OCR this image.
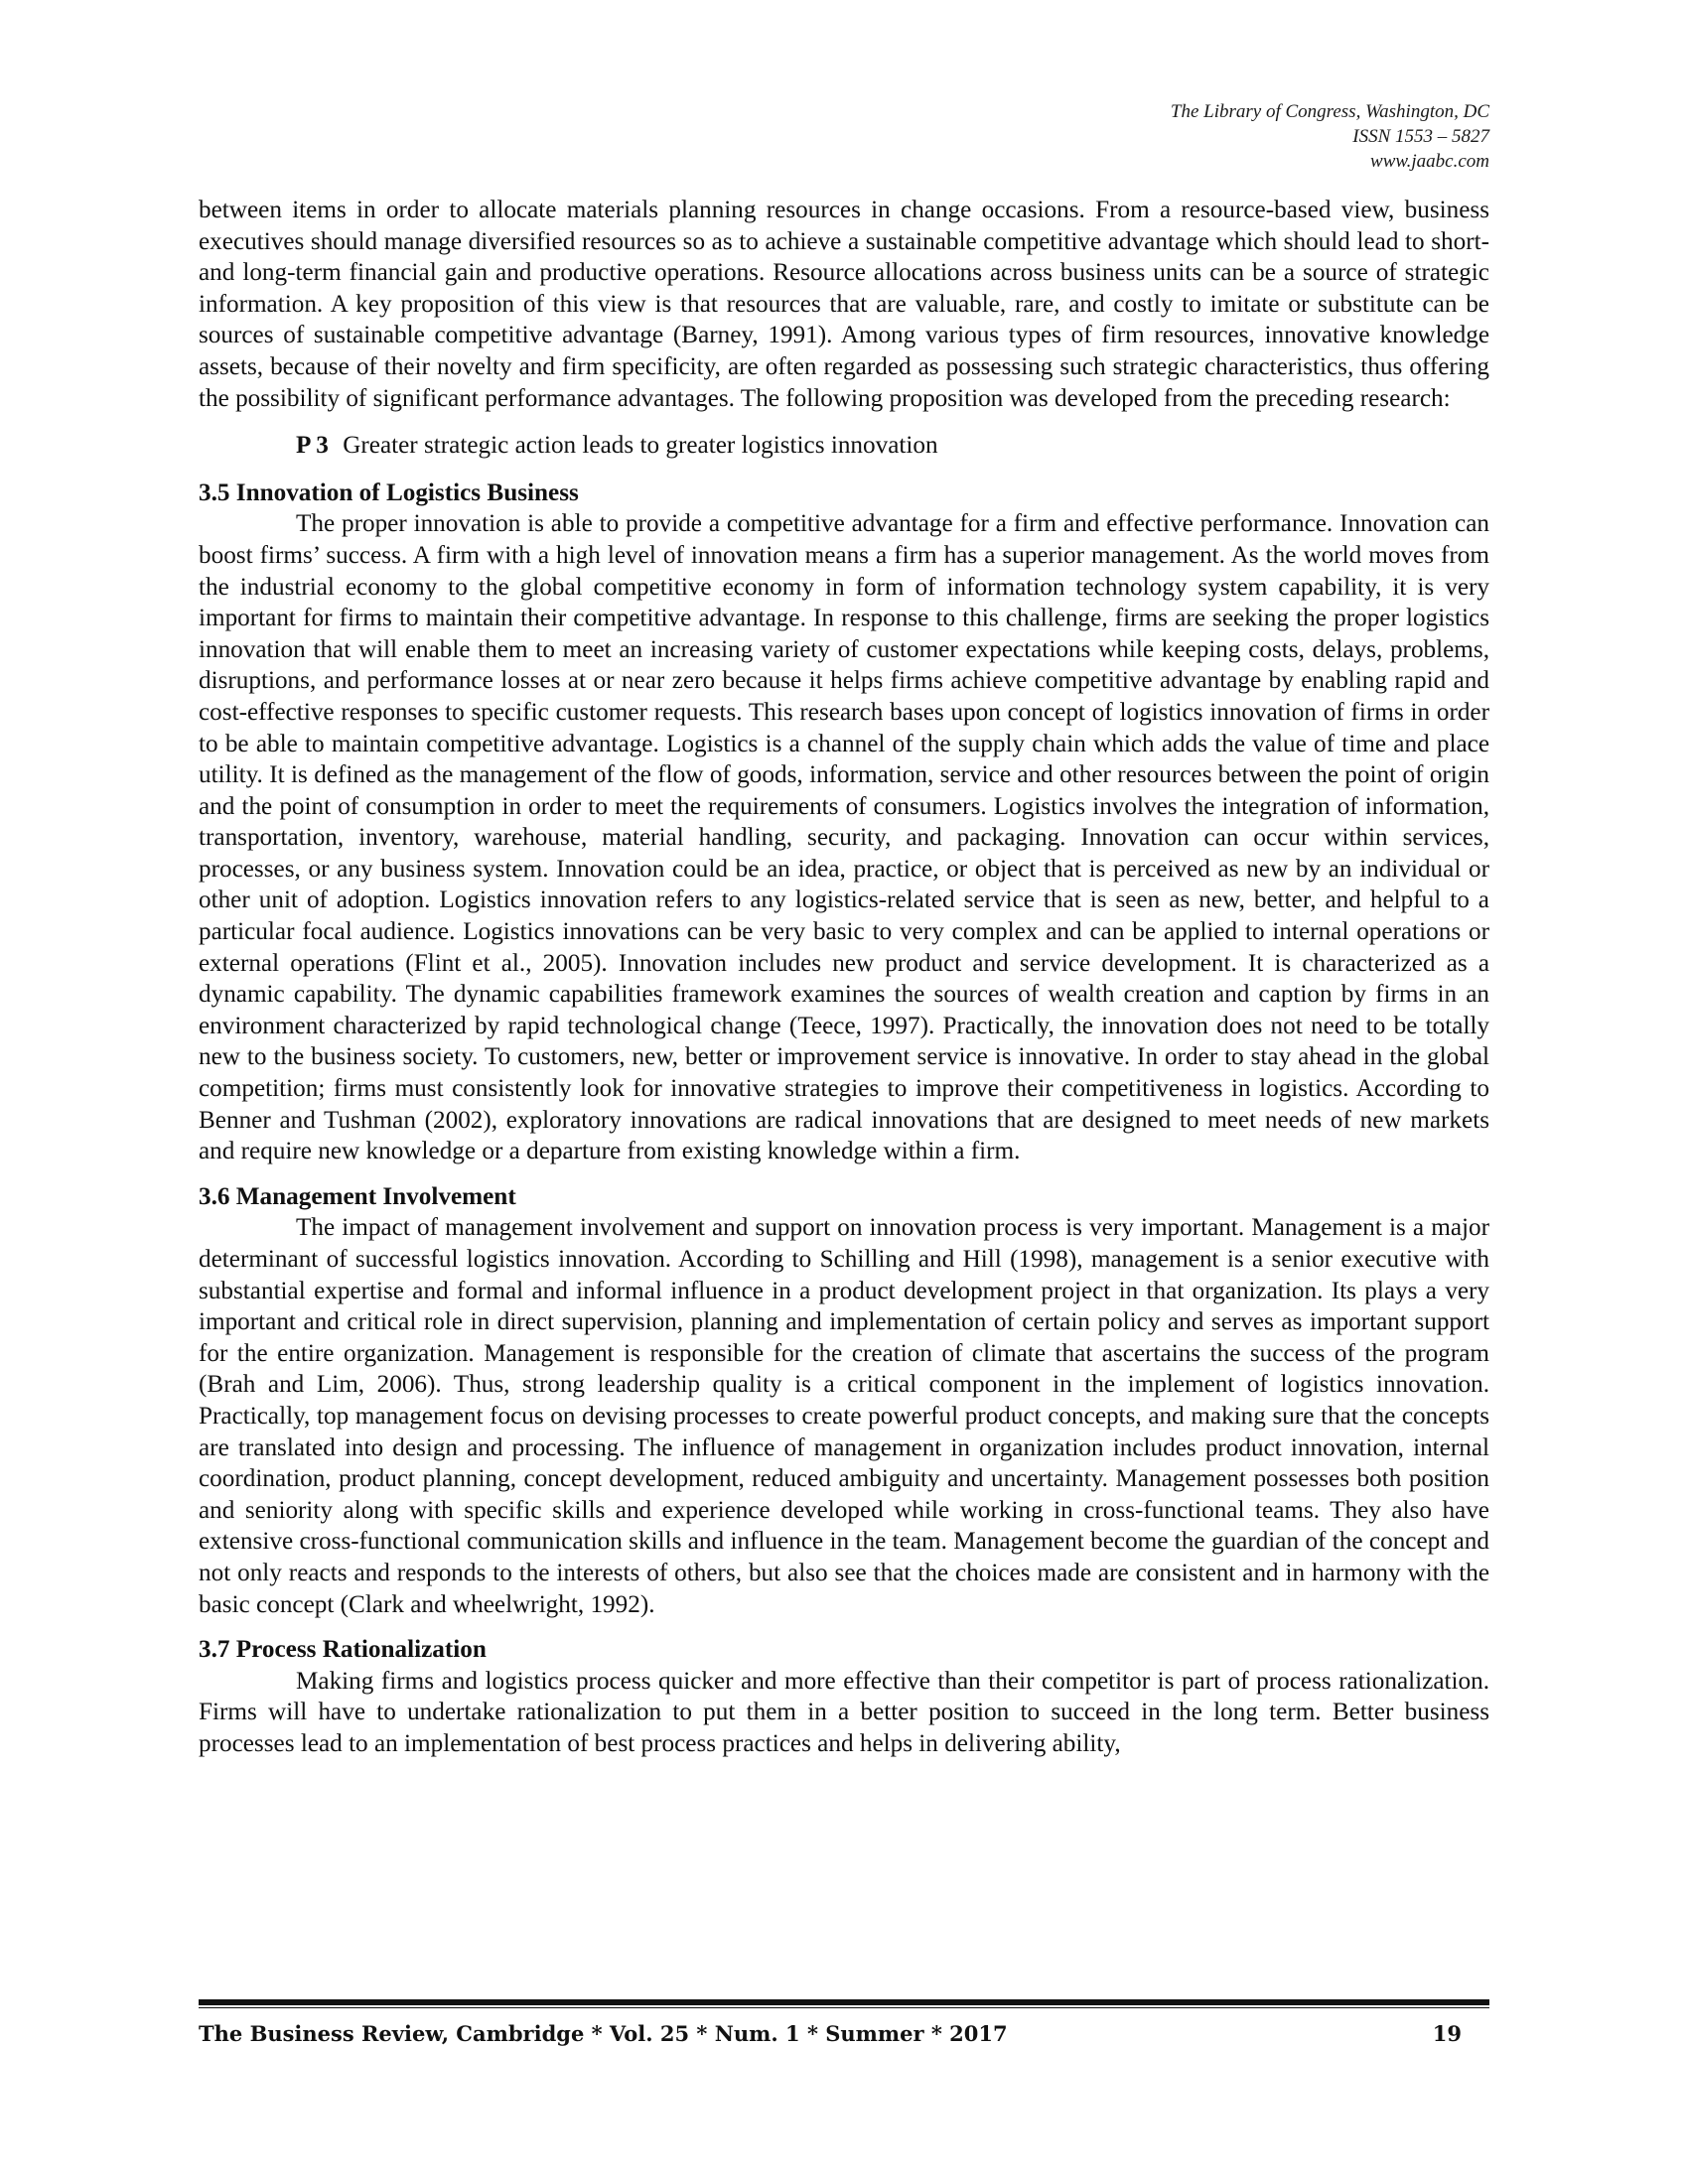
The Library of Congress, Washington, DC
ISSN 1553 – 5827
www.jaabc.com

between items in order to allocate materials planning resources in change occasions. From a resource-based view, business executives should manage diversified resources so as to achieve a sustainable competitive advantage which should lead to short- and long-term financial gain and productive operations. Resource allocations across business units can be a source of strategic information. A key proposition of this view is that resources that are valuable, rare, and costly to imitate or substitute can be sources of sustainable competitive advantage (Barney, 1991). Among various types of firm resources, innovative knowledge assets, because of their novelty and firm specificity, are often regarded as possessing such strategic characteristics, thus offering the possibility of significant performance advantages. The following proposition was developed from the preceding research:

P 3 Greater strategic action leads to greater logistics innovation

3.5 Innovation of Logistics Business

The proper innovation is able to provide a competitive advantage for a firm and effective performance. Innovation can boost firms’ success. A firm with a high level of innovation means a firm has a superior management. As the world moves from the industrial economy to the global competitive economy in form of information technology system capability, it is very important for firms to maintain their competitive advantage. In response to this challenge, firms are seeking the proper logistics innovation that will enable them to meet an increasing variety of customer expectations while keeping costs, delays, problems, disruptions, and performance losses at or near zero because it helps firms achieve competitive advantage by enabling rapid and cost-effective responses to specific customer requests. This research bases upon concept of logistics innovation of firms in order to be able to maintain competitive advantage. Logistics is a channel of the supply chain which adds the value of time and place utility. It is defined as the management of the flow of goods, information, service and other resources between the point of origin and the point of consumption in order to meet the requirements of consumers. Logistics involves the integration of information, transportation, inventory, warehouse, material handling, security, and packaging. Innovation can occur within services, processes, or any business system. Innovation could be an idea, practice, or object that is perceived as new by an individual or other unit of adoption. Logistics innovation refers to any logistics-related service that is seen as new, better, and helpful to a particular focal audience. Logistics innovations can be very basic to very complex and can be applied to internal operations or external operations (Flint et al., 2005). Innovation includes new product and service development. It is characterized as a dynamic capability. The dynamic capabilities framework examines the sources of wealth creation and caption by firms in an environment characterized by rapid technological change (Teece, 1997). Practically, the innovation does not need to be totally new to the business society. To customers, new, better or improvement service is innovative. In order to stay ahead in the global competition; firms must consistently look for innovative strategies to improve their competitiveness in logistics. According to Benner and Tushman (2002), exploratory innovations are radical innovations that are designed to meet needs of new markets and require new knowledge or a departure from existing knowledge within a firm.

3.6 Management Involvement

The impact of management involvement and support on innovation process is very important. Management is a major determinant of successful logistics innovation. According to Schilling and Hill (1998), management is a senior executive with substantial expertise and formal and informal influence in a product development project in that organization. Its plays a very important and critical role in direct supervision, planning and implementation of certain policy and serves as important support for the entire organization. Management is responsible for the creation of climate that ascertains the success of the program (Brah and Lim, 2006). Thus, strong leadership quality is a critical component in the implement of logistics innovation. Practically, top management focus on devising processes to create powerful product concepts, and making sure that the concepts are translated into design and processing. The influence of management in organization includes product innovation, internal coordination, product planning, concept development, reduced ambiguity and uncertainty. Management possesses both position and seniority along with specific skills and experience developed while working in cross-functional teams. They also have extensive cross-functional communication skills and influence in the team. Management become the guardian of the concept and not only reacts and responds to the interests of others, but also see that the choices made are consistent and in harmony with the basic concept (Clark and wheelwright, 1992).

3.7 Process Rationalization

Making firms and logistics process quicker and more effective than their competitor is part of process rationalization. Firms will have to undertake rationalization to put them in a better position to succeed in the long term. Better business processes lead to an implementation of best process practices and helps in delivering ability,

The Business Review, Cambridge * Vol. 25 * Num. 1 * Summer * 2017	19
